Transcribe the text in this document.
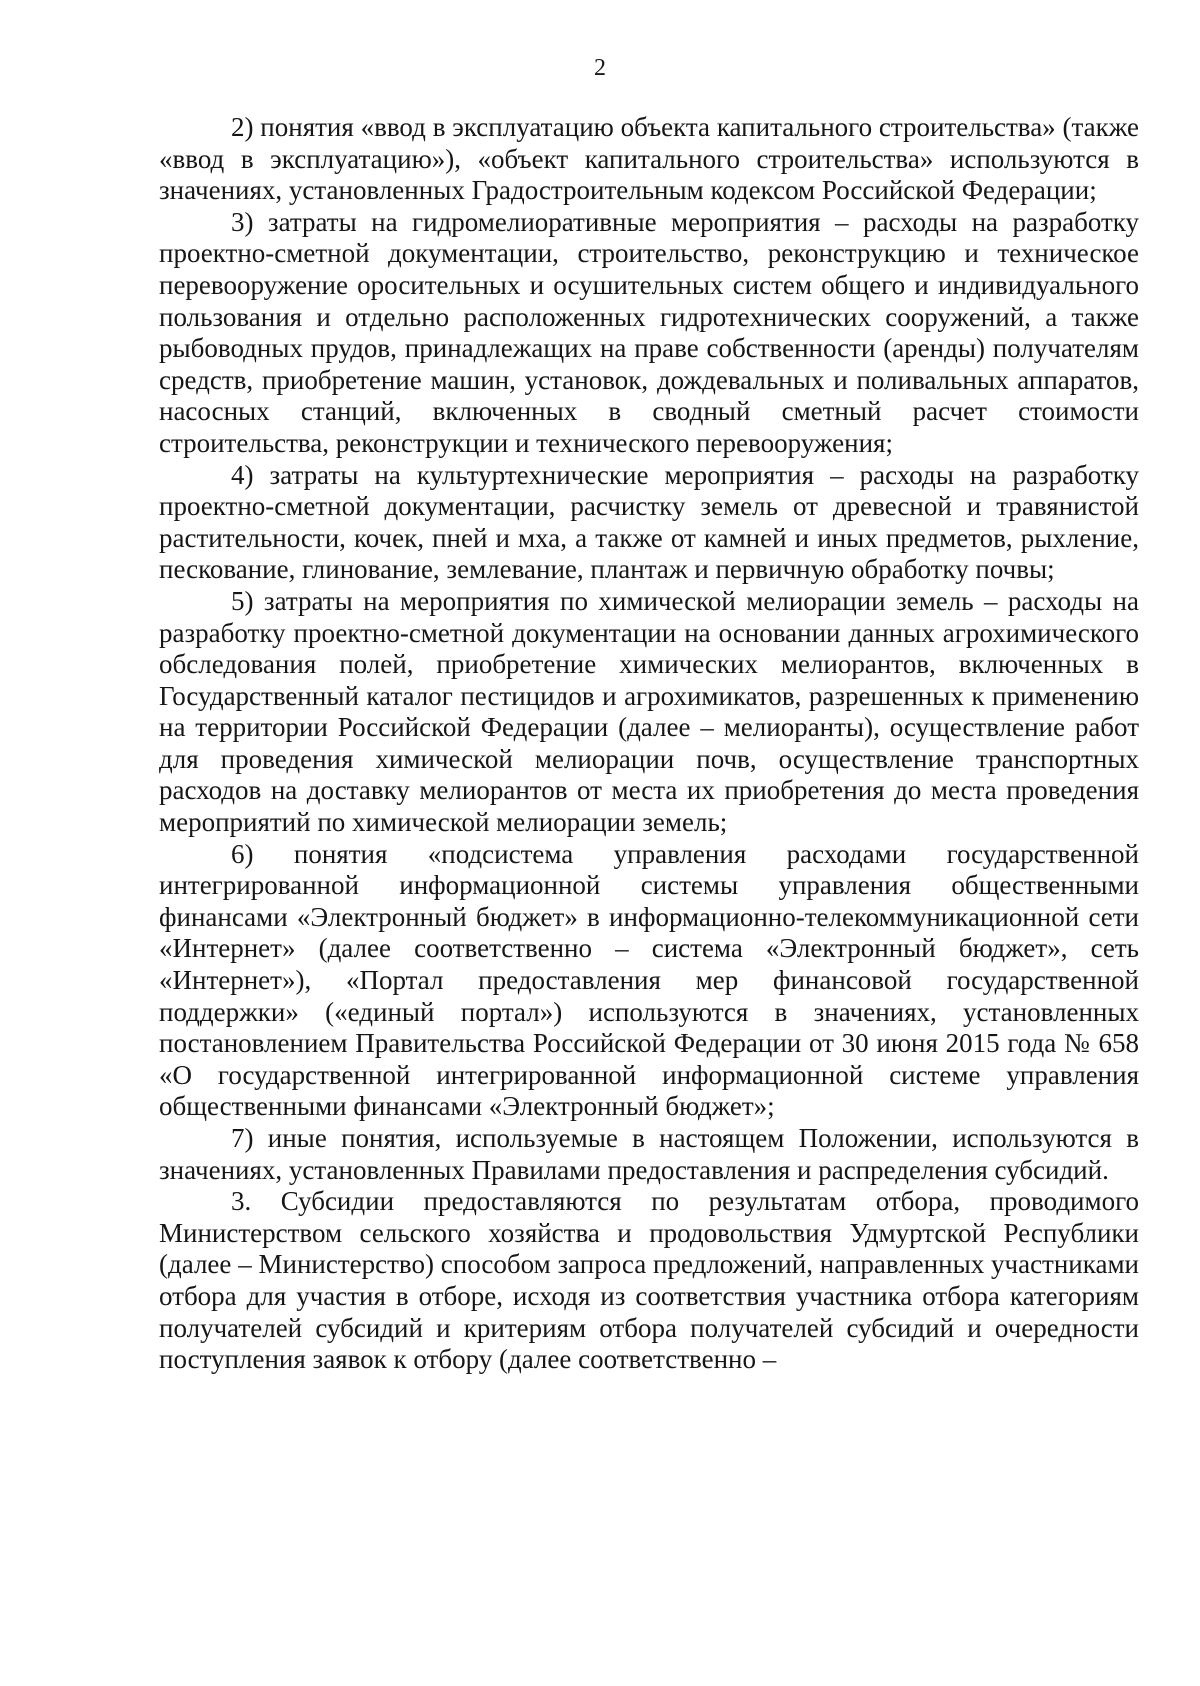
2

2) понятия «ввод в эксплуатацию объекта капитального строительства» (также «ввод в эксплуатацию»), «объект капитального строительства» используются в значениях, установленных Градостроительным кодексом Российской Федерации;

3) затраты на гидромелиоративные мероприятия – расходы на разработку проектно-сметной документации, строительство, реконструкцию и техническое перевооружение оросительных и осушительных систем общего и индивидуального пользования и отдельно расположенных гидротехнических сооружений, а также рыбоводных прудов, принадлежащих на праве собственности (аренды) получателям средств, приобретение машин, установок, дождевальных и поливальных аппаратов, насосных станций, включенных в сводный сметный расчет стоимости строительства, реконструкции и технического перевооружения;

4) затраты на культуртехнические мероприятия – расходы на разработку проектно-сметной документации, расчистку земель от древесной и травянистой растительности, кочек, пней и мха, а также от камней и иных предметов, рыхление, пескование, глинование, землевание, плантаж и первичную обработку почвы;

5) затраты на мероприятия по химической мелиорации земель – расходы на разработку проектно-сметной документации на основании данных агрохимического обследования полей, приобретение химических мелиорантов, включенных в Государственный каталог пестицидов и агрохимикатов, разрешенных к применению на территории Российской Федерации (далее – мелиоранты), осуществление работ для проведения химической мелиорации почв, осуществление транспортных расходов на доставку мелиорантов от места их приобретения до места проведения мероприятий по химической мелиорации земель;

6) понятия «подсистема управления расходами государственной интегрированной информационной системы управления общественными финансами «Электронный бюджет» в информационно-телекоммуникационной сети «Интернет» (далее соответственно – система «Электронный бюджет», сеть «Интернет»), «Портал предоставления мер финансовой государственной поддержки» («единый портал») используются в значениях, установленных постановлением Правительства Российской Федерации от 30 июня 2015 года № 658 «О государственной интегрированной информационной системе управления общественными финансами «Электронный бюджет»;

7) иные понятия, используемые в настоящем Положении, используются в значениях, установленных Правилами предоставления и распределения субсидий.

3. Субсидии предоставляются по результатам отбора, проводимого Министерством сельского хозяйства и продовольствия Удмуртской Республики (далее – Министерство) способом запроса предложений, направленных участниками отбора для участия в отборе, исходя из соответствия участника отбора категориям получателей субсидий и критериям отбора получателей субсидий и очередности поступления заявок к отбору (далее соответственно –
